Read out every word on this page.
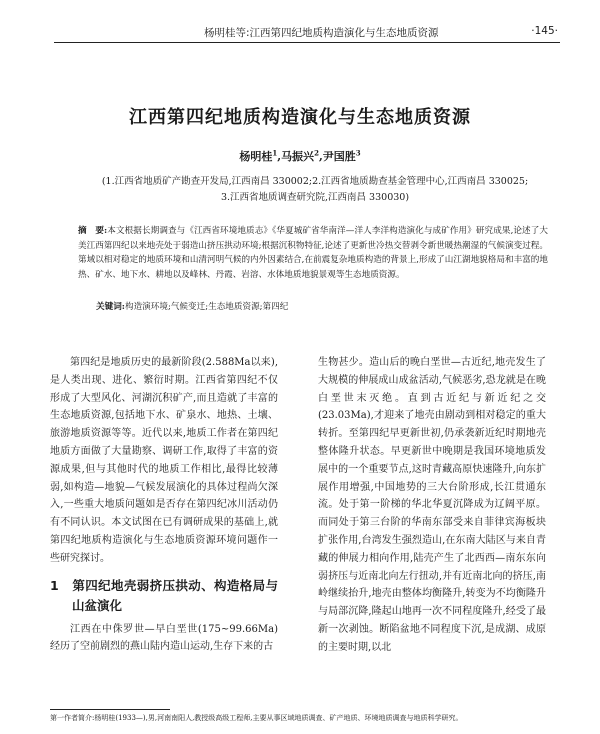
杨明桂等:江西第四纪地质构造演化与生态地质资源	·145·
江西第四纪地质构造演化与生态地质资源
杨明桂$^1$,马振兴$^2$,尹国胜$^3$
(1.江西省地质矿产勘查开发局,江西南昌 330002;2.江西省地质勘查基金管理中心,江西南昌 330025;
3.江西省地质调查研究院,江西南昌 330030)
摘　要:本文根据长期调查与《江西省环境地质志》《华夏城矿省华南洋—洋人李洋构造演化与成矿作用》研究成果,论述了大美江西第四纪以来地壳处于弱造山挤压拱动环境;根据沉积物特征,论述了更新世冷热交替剥令新世暖热潮湿的气候演变过程。第域以相对稳定的地质环境和山清河明气候的内外因素结合,在前震复杂地质构造的背景上,形成了山江湖地貌格局和丰富的地热、矿水、地下水、耕地以及峰林、丹霞、岩溶、水体地质地貌景观等生态地质资源。
关键词:构造演环境;气候变迁;生态地质资源;第四纪

第四纪是地质历史的最新阶段(2.588Ma以来),是人类出现、进化、繁衍时期。江西省第四纪不仅形成了大型风化、河湖沉积矿产,而且造就了丰富的生态地质资源,包括地下水、矿泉水、地热、土壤、旅游地质资源等等。近代以来,地质工作者在第四纪地质方面做了大量勘察、调研工作,取得了丰富的资源成果,但与其他时代的地质工作相比,最得比较薄弱,如构造—地貌—气候发展演化的具体过程尚欠深入,一些重大地质问题如是否存在第四纪冰川活动仍有不同认识。本文试图在已有调研成果的基础上,就第四纪地质构造演化与生态地质资源环境问题作一些研究探讨。

1 第四纪地壳弱挤压拱动、构造格局与山盆演化

江西在中侏罗世—早白垩世(175~99.66Ma)经历了空前剧烈的燕山陆内造山运动,生存下来的古

生物甚少。造山后的晚白垩世—古近纪,地壳发生了大规模的伸展成山成盆活动,气候恶劣,恐龙就是在晚白垩世末灭绝。直到古近纪与新近纪之交(23.03Ma),才迎来了地壳由剧动到相对稳定的重大转折。至第四纪早更新世初,仍承袭新近纪时期地壳整体隆升状态。早更新世中晚期是我国环境地质发展中的一个重要节点,这时青藏高原快速隆升,向东扩展作用增强,中国地势的三大台阶形成,长江贯通东流。处于第一阶梯的华北华夏沉降成为辽阔平原。而同处于第三台阶的华南东部受来自菲律宾海板块扩张作用,台湾发生强烈造山,在东南大陆区与来自青藏的伸展力相向作用,陆壳产生了北西西—南东东向弱挤压与近南北向左行扭动,并有近南北向的挤压,南岭继续抬升,地壳由整体均衡隆升,转变为不均衡隆升与局部沉降,隆起山地再一次不同程度隆升,经受了最新一次剥蚀。断陷盆地不同程度下沉,是成湖、成原的主要时期,以北

第一作者简介:杨明桂(1933—),男,河南南阳人,教授级高级工程师,主要从事区域地质调查、矿产地质、环境地质调查与地质科学研究。
